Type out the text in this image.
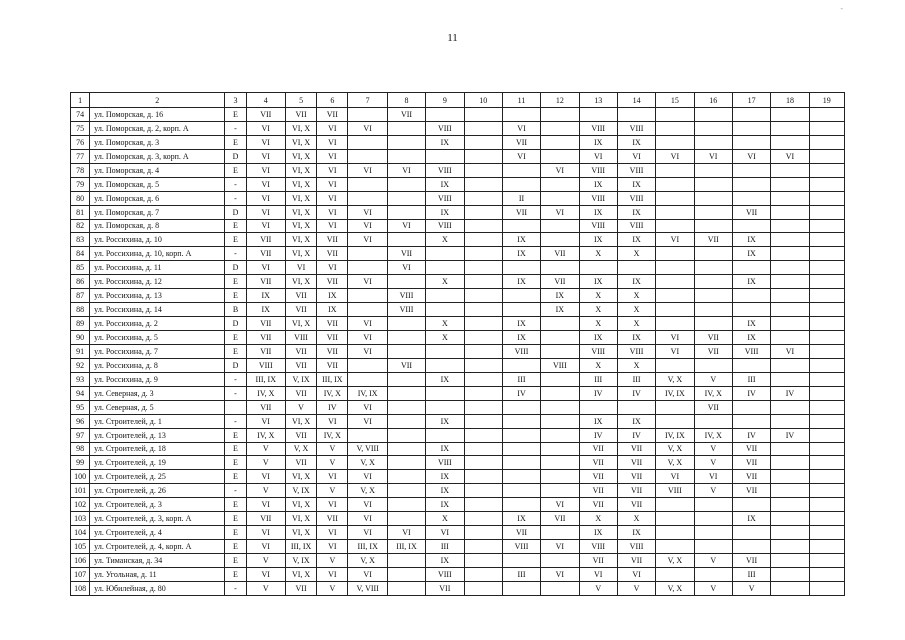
11
-
1	2	3	4	5	6	7	8	9	10	11	12	13	14	15	16	17	18	19
74	ул. Поморская, д. 16	Е	VII	VII	VII		VII											
75	ул. Поморская, д. 2, корп. А	-	VI	VI, X	VI	VI		VIII		VI		VIII	VIII					
76	ул. Поморская, д. 3	Е	VI	VI, X	VI			IX		VII		IX	IX					
77	ул. Поморская, д. 3, корп. А	D	VI	VI, X	VI					VI		VI	VI	VI	VI	VI	VI	
78	ул. Поморская, д. 4	Е	VI	VI, X	VI	VI	VI	VIII			VI	VIII	VIII					
79	ул. Поморская, д. 5	-	VI	VI, X	VI			IX				IX	IX					
80	ул. Поморская, д. 6	-	VI	VI, X	VI			VIII		II		VIII	VIII					
81	ул. Поморская, д. 7	D	VI	VI, X	VI	VI		IX		VII	VI	IX	IX			VII		
82	ул. Поморская, д. 8	Е	VI	VI, X	VI	VI	VI	VIII				VIII	VIII					
83	ул. Россихина, д. 10	Е	VII	VI, X	VII	VI		X		IX		IX	IX	VI	VII	IX		
84	ул. Россихина, д. 10, корп. А	-	VII	VI, X	VII		VII			IX	VII	X	X			IX		
85	ул. Россихина, д. 11	D	VI	VI	VI		VI											
86	ул. Россихина, д. 12	Е	VII	VI, X	VII	VI		X		IX	VII	IX	IX			IX		
87	ул. Россихина, д. 13	Е	IX	VII	IX		VIII				IX	X	X					
88	ул. Россихина, д. 14	В	IX	VII	IX		VIII				IX	X	X					
89	ул. Россихина, д. 2	D	VII	VI, X	VII	VI		X		IX		X	X			IX		
90	ул. Россихина, д. 5	Е	VII	VIII	VII	VI		X		IX		IX	IX	VI	VII	IX		
91	ул. Россихина, д. 7	Е	VII	VII	VII	VI				VIII		VIII	VIII	VI	VII	VIII	VI	
92	ул. Россихина, д. 8	D	VIII	VII	VII		VII				VIII	X	X					
93	ул. Россихина, д. 9	-	III, IX	V, IX	III, IX			IX		III		III	III	V, X	V	III		
94	ул. Северная, д. 3	-	IV, X	VII	IV, X	IV, IX				IV		IV	IV	IV, IX	IV, X	IV	IV	
95	ул. Северная, д. 5		VII	V	IV	VI									VII			
96	ул. Строителей, д. 1	-	VI	VI, X	VI	VI		IX				IX	IX					
97	ул. Строителей, д. 13	Е	IV, X	VII	IV, X							IV	IV	IV, IX	IV, X	IV	IV	
98	ул. Строителей, д. 18	Е	V	V, X	V	V, VIII		IX				VII	VII	V, X	V	VII		
99	ул. Строителей, д. 19	Е	V	VII	V	V, X		VIII				VII	VII	V, X	V	VII		
100	ул. Строителей, д. 25	Е	VI	VI, X	VI	VI		IX				VII	VII	VI	VI	VII		
101	ул. Строителей, д. 26	-	V	V, IX	V	V, X		IX				VII	VII	VIII	V	VII		
102	ул. Строителей, д. 3	Е	VI	VI, X	VI	VI		IX			VI	VII	VII					
103	ул. Строителей, д. 3, корп. А	Е	VII	VI, X	VII	VI		X		IX	VII	X	X			IX		
104	ул. Строителей, д. 4	Е	VI	VI, X	VI	VI	VI	VI		VII		IX	IX					
105	ул. Строителей, д. 4, корп. А	Е	VI	III, IX	VI	III, IX	III, IX	III		VIII	VI	VIII	VIII					
106	ул. Тиманская, д. 34	Е	V	V, IX	V	V, X		IX				VII	VII	V, X	V	VII		
107	ул. Угольная, д. 11	Е	VI	VI, X	VI	VI		VIII		III	VI	VI	VI			III		
108	ул. Юбилейная, д. 80	-	V	VII	V	V, VIII		VII				V	V	V, X	V	V		
